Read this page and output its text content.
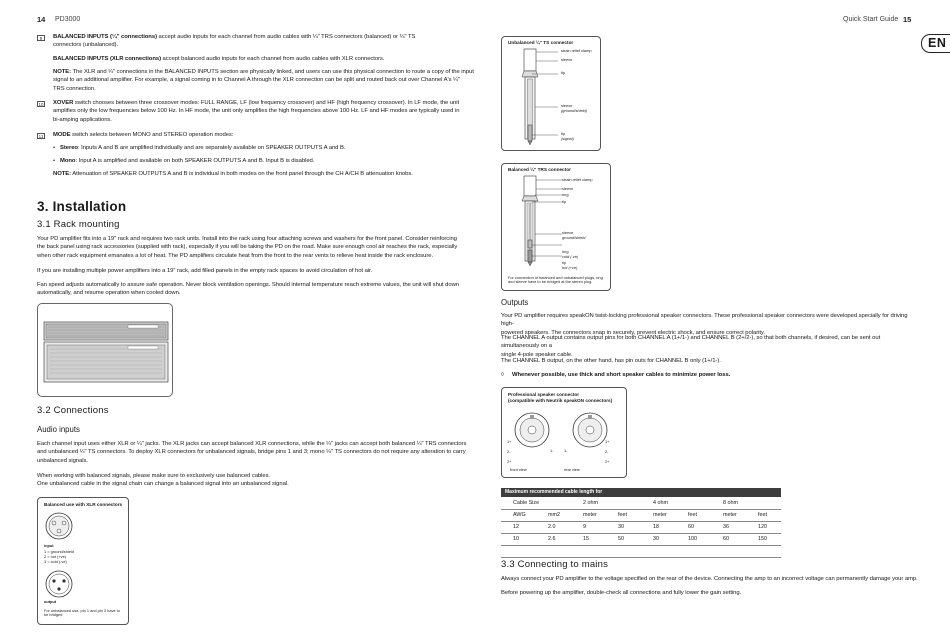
14 PD3000	Quick Start Guide 15
EN
9	BALANCED INPUTS (¼" connections) accept audio inputs for each channel from audio cables with ¼" TRS connectors (balanced) or ¼" TS
connectors (unbalanced).
BALANCED INPUTS (XLR connections) accept balanced audio inputs for each channel from audio cables with XLR connectors.
NOTE: The XLR and ¼" connections in the BALANCED INPUTS section are physically linked, and users can use this physical connection to route a copy of the input
signal to an additional amplifier. For example, a signal coming in to Channel A through the XLR connection can be split and routed back out over Channel A's ¼"
TRS connection.
10 XOVER switch chooses between three crossover modes: FULL RANGE, LF (low frequency crossover) and HF (high frequency crossover). In LF mode, the unit
amplifies only the low frequencies below 100 Hz. In HF mode, the unit only amplifies the high frequencies above 100 Hz. LF and HF modes are typically used in
bi-amping applications.
11 MODE switch selects between MONO and STEREO operation modes:
• Stereo: Inputs A and B are amplified individually and are separately available on SPEAKER OUTPUTS A and B.
• Mono: Input A is amplified and available on both SPEAKER OUTPUTS A and B. Input B is disabled.
NOTE: Attenuation of SPEAKER OUTPUTS A and B is individual in both modes on the front panel through the CH A/CH B attenuation knobs.
3. Installation
3.1 Rack mounting
Your PD amplifier fits into a 19" rack and requires two rack units. Install into the rack using four attaching screws and washers for the front panel. Consider reinforcing
the back panel using rack accessories (supplied with rack), especially if you will be taking the PD on the road. Make sure enough cool air reaches the rack, especially
when other rack equipment emanates a lot of heat. The PD amplifiers circulate heat from the front to the rear vents to relieve heat inside the rack enclosure.
If you are installing multiple power amplifiers into a 19" rack, add filled panels in the empty rack spaces to avoid circulation of hot air.
Fan speed adjusts automatically to assure safe operation. Never block ventilation openings. Should internal temperature reach extreme values, the unit will shut down
automatically, and resume operation when cooled down.
3.2 Connections
Audio inputs
Each channel input uses either XLR or ¼" jacks. The XLR jacks can accept balanced XLR connections, while the ¼" jacks can accept both balanced ¼" TRS connectors
and unbalanced ¼" TS connectors. To deploy XLR connectors for unbalanced signals, bridge pins 1 and 3; mono ¼" TS connectors do not require any alteration to carry
unbalanced signals.
When working with balanced signals, please make sure to exclusively use balanced cables.
One unbalanced cable in the signal chain can change a balanced signal into an unbalanced signal.
Balanced use with XLR connectors
input
1 = ground/shield
2 = hot (+ve)
3 = cold (-ve)
output
For unbalanced use, pin 1 and pin 3 have to be bridged
Unbalanced ¼" TS connector
strain relief clamp
sleeve
tip
sleeve
(ground/shield)
tip
(signal)
Balanced ¼" TRS connector
strain relief clamp
sleeve
ring
tip
sleeve
ground/shield
ring
cold (-ve)
tip
hot (+ve)
For connection of balanced and unbalanced plugs, ring and sleeve have to be bridged at the stereo plug.
Outputs
Your PD amplifier requires speakON twist-locking professional speaker connectors. These professional speaker connectors were developed specially for driving high-
powered speakers. The connectors snap in securely, prevent electric shock, and ensure correct polarity.
The CHANNEL A output contains output pins for both CHANNEL A (1+/1-) and CHANNEL B (2+/2-), so that both channels, if desired, can be sent out simultaneously on a
single 4-pole speaker cable.
The CHANNEL B output, on the other hand, has pin outs for CHANNEL B only (1+/1-).
◊ Whenever possible, use thick and short speaker cables to minimize power loss.
Professional speaker connector
(compatible with Neutrik speakON connectors)
1+
1-
2-
2+
1+
1-	2-
2+
front view	rear view
Maximum recommended cable length for
Cable Size	2 ohm	4 ohm	8 ohm
AWG	mm2	meter	feet	meter	feet	meter	feet
12	2.0	9	30	18	60	36	120
10	2.6	15	50	30	100	60	150
3.3 Connecting to mains
Always connect your PD amplifier to the voltage specified on the rear of the device. Connecting the amp to an incorrect voltage can permanently damage your amp.
Before powering up the amplifier, double-check all connections and fully lower the gain setting.
